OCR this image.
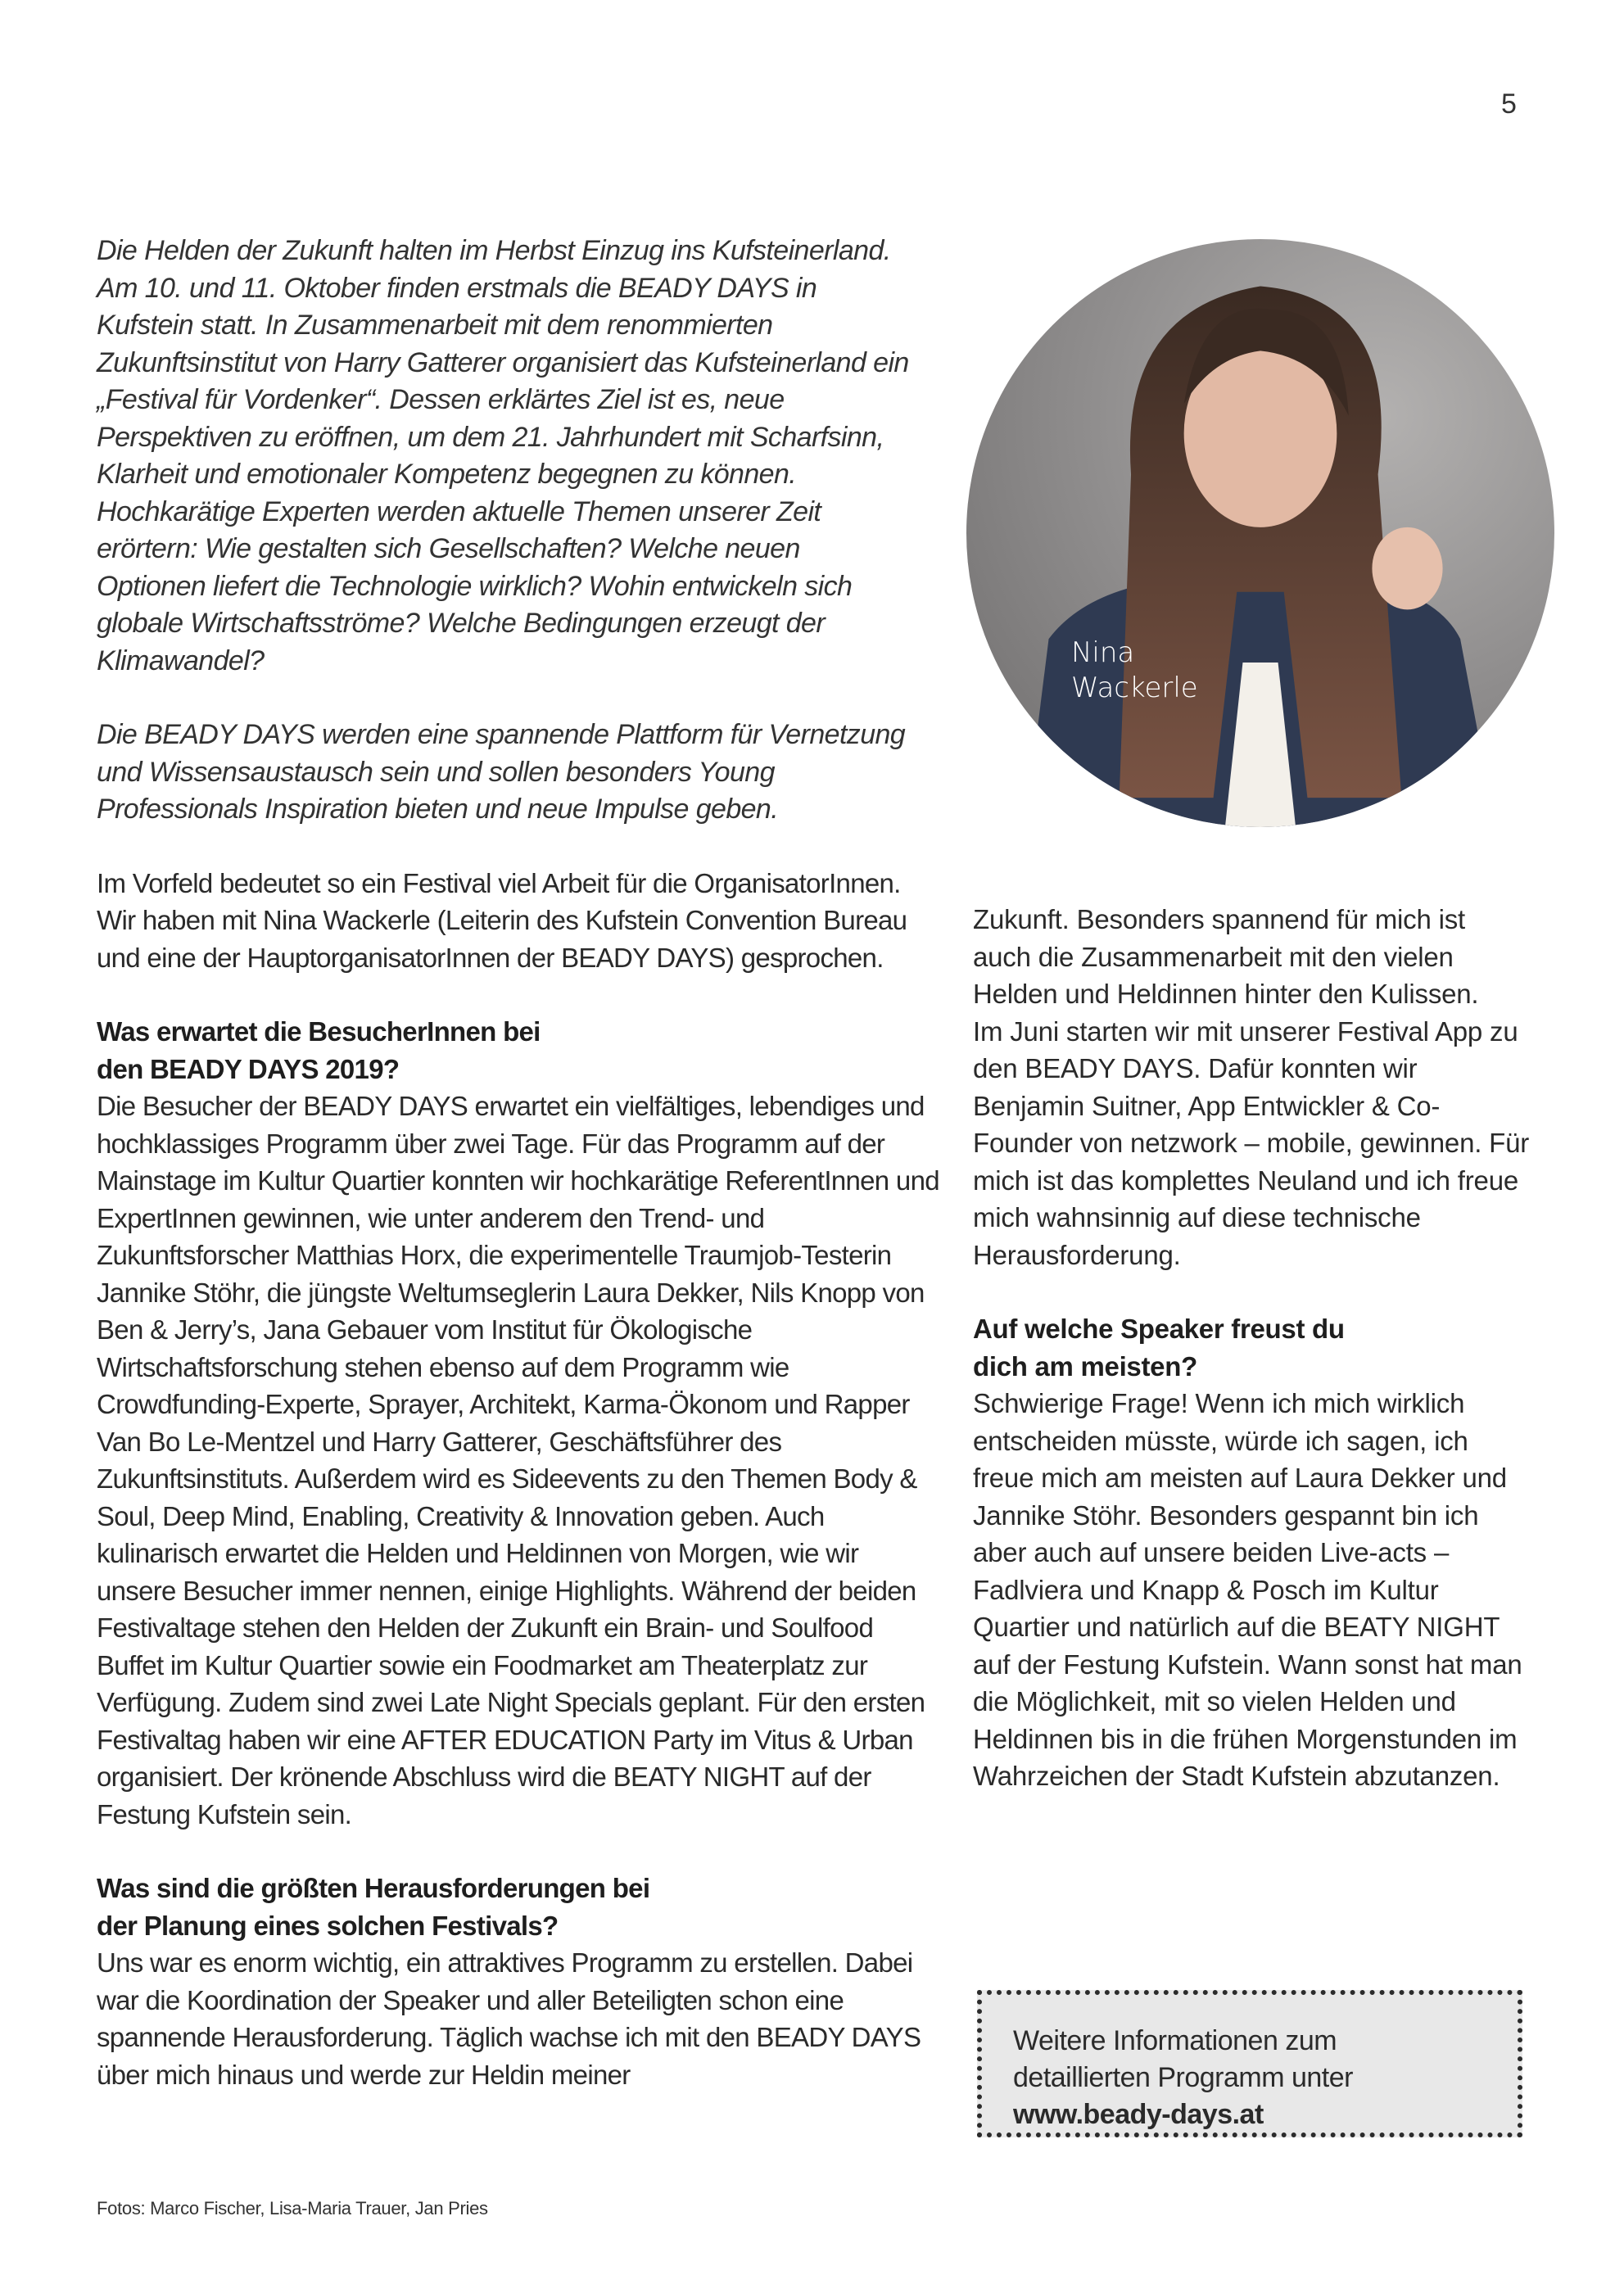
5

Die Helden der Zukunft halten im Herbst Einzug ins Kufsteinerland. Am 10. und 11. Oktober finden erstmals die BEADY DAYS in Kufstein statt. In Zusammenarbeit mit dem renommierten Zukunftsinstitut von Harry Gatterer organisiert das Kufsteinerland ein „Festival für Vordenker“. Dessen erklärtes Ziel ist es, neue Perspektiven zu eröffnen, um dem 21. Jahrhundert mit Scharfsinn, Klarheit und emotionaler Kompetenz begegnen zu können. Hochkarätige Experten werden aktuelle Themen unserer Zeit erörtern: Wie gestalten sich Gesellschaften? Welche neuen Optionen liefert die Technologie wirklich? Wohin entwickeln sich globale Wirtschaftsströme? Welche Bedingungen erzeugt der Klimawandel?

Die BEADY DAYS werden eine spannende Plattform für Vernetzung und Wissensaustausch sein und sollen besonders Young Professionals Inspiration bieten und neue Impulse geben.

Im Vorfeld bedeutet so ein Festival viel Arbeit für die OrganisatorInnen. Wir haben mit Nina Wackerle (Leiterin des Kufstein Convention Bureau und eine der HauptorganisatorInnen der BEADY DAYS) gesprochen.

Was erwartet die BesucherInnen bei den BEADY DAYS 2019?

Die Besucher der BEADY DAYS erwartet ein vielfältiges, lebendiges und hochklassiges Programm über zwei Tage. Für das Programm auf der Mainstage im Kultur Quartier konnten wir hochkarätige ReferentInnen und ExpertInnen gewinnen, wie unter anderem den Trend- und Zukunftsforscher Matthias Horx, die experimentelle Traumjob-Testerin Jannike Stöhr, die jüngste Weltumseglerin Laura Dekker, Nils Knopp von Ben & Jerry’s, Jana Gebauer vom Institut für Ökologische Wirtschaftsforschung stehen ebenso auf dem Programm wie Crowdfunding-Experte, Sprayer, Architekt, Karma-Ökonom und Rapper Van Bo Le-Mentzel und Harry Gatterer, Geschäftsführer des Zukunftsinstituts. Außerdem wird es Sideevents zu den Themen Body & Soul, Deep Mind, Enabling, Creativity & Innovation geben. Auch kulinarisch erwartet die Helden und Heldinnen von Morgen, wie wir unsere Besucher immer nennen, einige Highlights. Während der beiden Festivaltage stehen den Helden der Zukunft ein Brain- und Soulfood Buffet im Kultur Quartier sowie ein Foodmarket am Theaterplatz zur Verfügung. Zudem sind zwei Late Night Specials geplant. Für den ersten Festivaltag haben wir eine AFTER EDUCATION Party im Vitus & Urban organisiert. Der krönende Abschluss wird die BEATY NIGHT auf der Festung Kufstein sein.

Was sind die größten Herausforderungen bei der Planung eines solchen Festivals?

Uns war es enorm wichtig, ein attraktives Programm zu erstellen. Dabei war die Koordination der Speaker und aller Beteiligten schon eine spannende Herausforderung. Täglich wachse ich mit den BEADY DAYS über mich hinaus und werde zur Heldin meiner

Nina
Wackerle

Zukunft. Besonders spannend für mich ist auch die Zusammenarbeit mit den vielen Helden und Heldinnen hinter den Kulissen.

Im Juni starten wir mit unserer Festival App zu den BEADY DAYS. Dafür konnten wir Benjamin Suitner, App Entwickler & Co-Founder von netzwork – mobile, gewinnen. Für mich ist das komplettes Neuland und ich freue mich wahnsinnig auf diese technische Herausforderung.

Auf welche Speaker freust du dich am meisten?

Schwierige Frage! Wenn ich mich wirklich entscheiden müsste, würde ich sagen, ich freue mich am meisten auf Laura Dekker und Jannike Stöhr. Besonders gespannt bin ich aber auch auf unsere beiden Live-acts – Fadlviera und Knapp & Posch im Kultur Quartier und natürlich auf die BEATY NIGHT auf der Festung Kufstein. Wann sonst hat man die Möglichkeit, mit so vielen Helden und Heldinnen bis in die frühen Morgenstunden im Wahrzeichen der Stadt Kufstein abzutanzen.

Weitere Informationen zum detaillierten Programm unter
www.beady-days.at
Fotos: Marco Fischer, Lisa-Maria Trauer, Jan Pries
